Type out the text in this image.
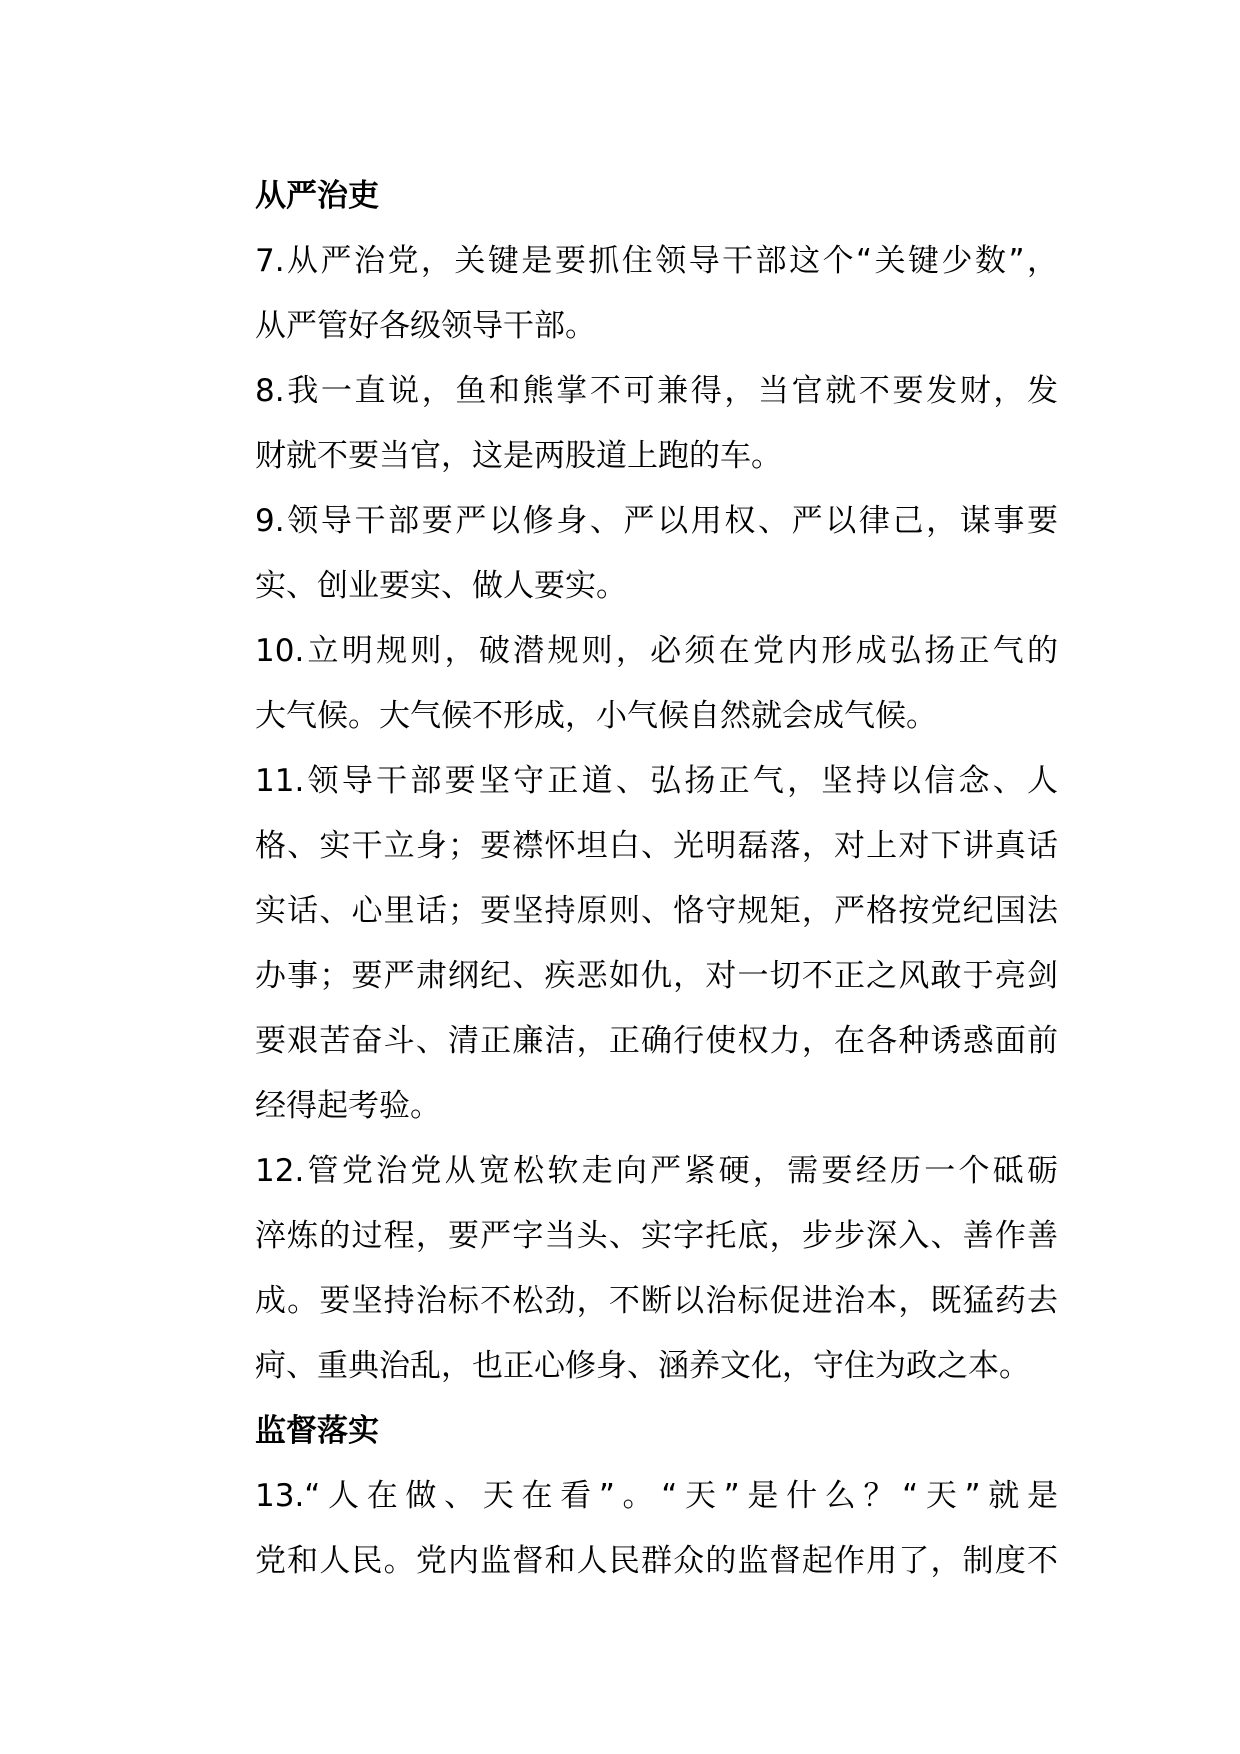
从严治吏

7.从严治党，关键是要抓住领导干部这个“关键少数”，
从严管好各级领导干部。

8.我一直说，鱼和熊掌不可兼得，当官就不要发财，发
财就不要当官，这是两股道上跑的车。

9.领导干部要严以修身、严以用权、严以律己，谋事要
实、创业要实、做人要实。

10.立明规则，破潜规则，必须在党内形成弘扬正气的
大气候。大气候不形成，小气候自然就会成气候。

11.领导干部要坚守正道、弘扬正气，坚持以信念、人
格、实干立身；要襟怀坦白、光明磊落，对上对下讲真话
实话、心里话；要坚持原则、恪守规矩，严格按党纪国法
办事；要严肃纲纪、疾恶如仇，对一切不正之风敢于亮剑
要艰苦奋斗、清正廉洁，正确行使权力，在各种诱惑面前
经得起考验。

12.管党治党从宽松软走向严紧硬，需要经历一个砥砺
淬炼的过程，要严字当头、实字托底，步步深入、善作善
成。要坚持治标不松劲，不断以治标促进治本，既猛药去
疴、重典治乱，也正心修身、涵养文化，守住为政之本。

监督落实

13.“人在做、天在看”。“天”是什么？“天”就是
党和人民。党内监督和人民群众的监督起作用了，制度不
